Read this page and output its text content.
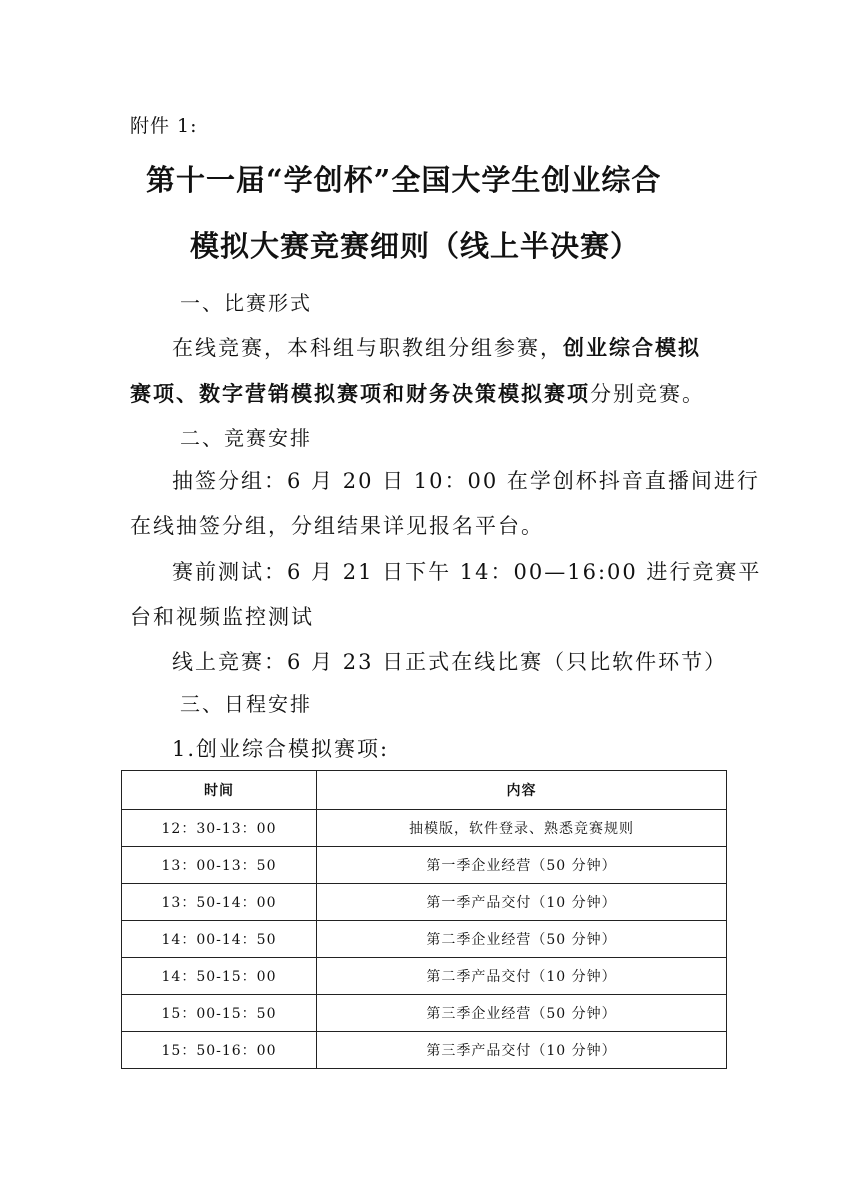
附件 1:
第十一届“学创杯”全国大学生创业综合
模拟大赛竞赛细则（线上半决赛）
一、比赛形式
在线竞赛，本科组与职教组分组参赛，创业综合模拟
赛项、数字营销模拟赛项和财务决策模拟赛项分别竞赛。
二、竞赛安排
抽签分组：6 月 20 日 10：00 在学创杯抖音直播间进行
在线抽签分组，分组结果详见报名平台。
赛前测试：6 月 21 日下午 14：00—16:00 进行竞赛平
台和视频监控测试
线上竞赛：6 月 23 日正式在线比赛（只比软件环节）
三、日程安排
1.创业综合模拟赛项:
时间	内容
12：30-13：00	抽模版，软件登录、熟悉竞赛规则
13：00-13：50	第一季企业经营（50 分钟）
13：50-14：00	第一季产品交付（10 分钟）
14：00-14：50	第二季企业经营（50 分钟）
14：50-15：00	第二季产品交付（10 分钟）
15：00-15：50	第三季企业经营（50 分钟）
15：50-16：00	第三季产品交付（10 分钟）
